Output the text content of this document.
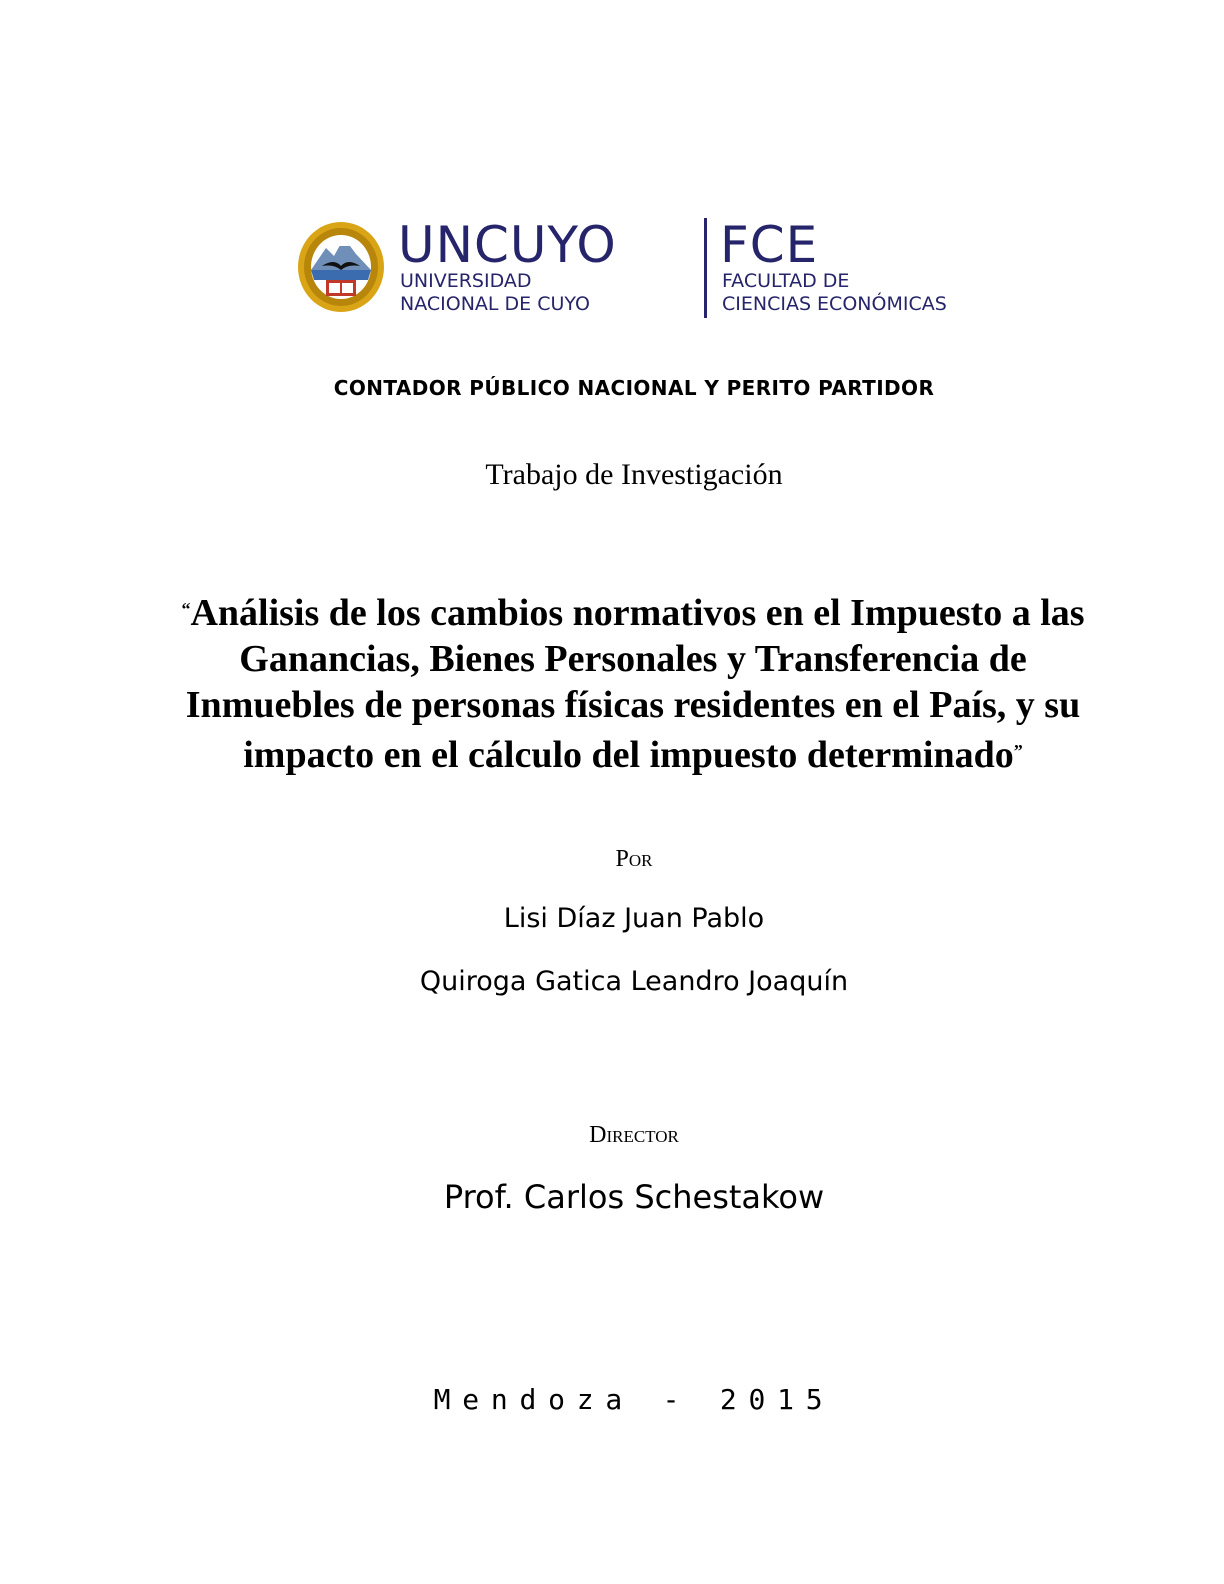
UNCUYO
UNIVERSIDAD
NACIONAL DE CUYO
FCE
FACULTAD DE
CIENCIAS ECONÓMICAS
CONTADOR PÚBLICO NACIONAL Y PERITO PARTIDOR
Trabajo de Investigación
“Análisis de los cambios normativos en el Impuesto a las Ganancias, Bienes Personales y Transferencia de Inmuebles de personas físicas residentes en el País, y su impacto en el cálculo del impuesto determinado”
Por
Lisi Díaz Juan Pablo
Quiroga Gatica Leandro Joaquín
Director
Prof. Carlos Schestakow
Mendoza - 2015
